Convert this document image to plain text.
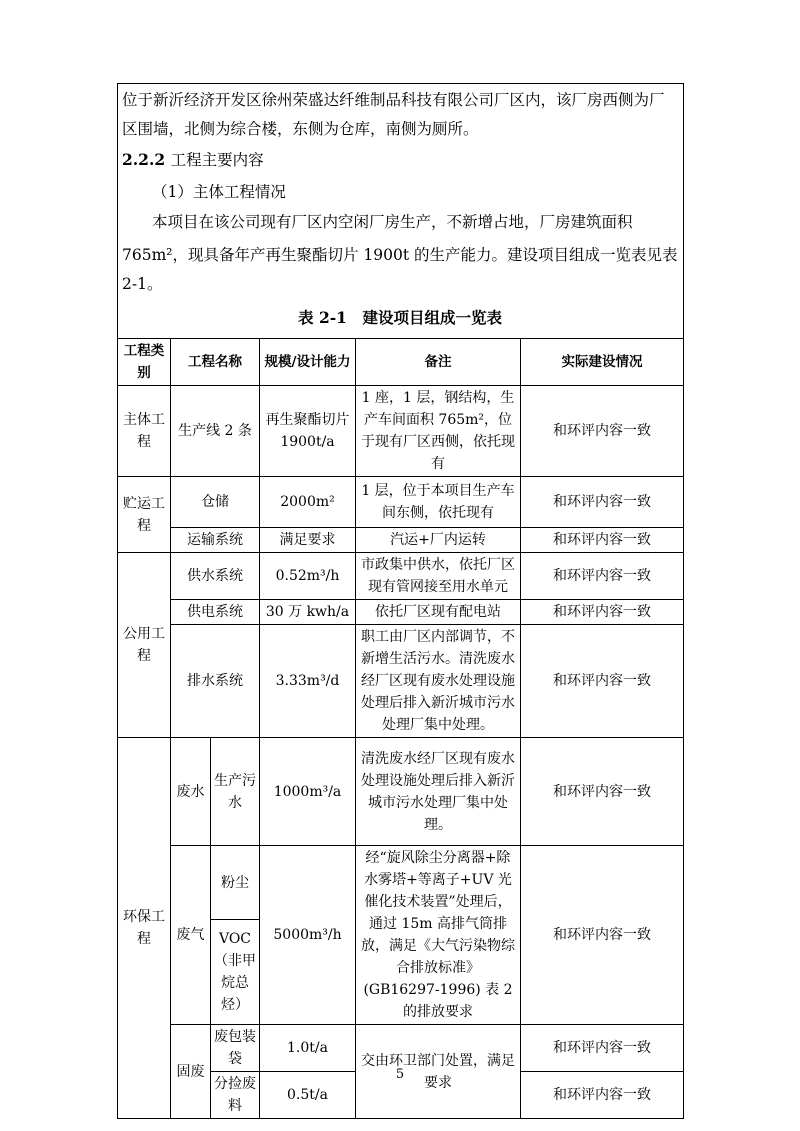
位于新沂经济开发区徐州荣盛达纤维制品科技有限公司厂区内，该厂房西侧为厂

区围墙，北侧为综合楼，东侧为仓库，南侧为厕所。

2.2.2 工程主要内容

（1）主体工程情况

本项目在该公司现有厂区内空闲厂房生产，不新增占地，厂房建筑面积

765m²，现具备年产再生聚酯切片 1900t 的生产能力。建设项目组成一览表见表

2-1。

表 2-1　建设项目组成一览表

工程类别	工程名称		规模/设计能力	备注	实际建设情况
主体工程	生产线 2 条		再生聚酯切片 1900t/a	1 座，1 层，钢结构，生产车间面积 765m²，位于现有厂区西侧，依托现有	和环评内容一致
贮运工程	仓储		2000m²	1 层，位于本项目生产车间东侧，依托现有	和环评内容一致
	运输系统		满足要求	汽运+厂内运转	和环评内容一致
公用工程	供水系统		0.52m³/h	市政集中供水，依托厂区现有管网接至用水单元	和环评内容一致
	供电系统		30 万 kwh/a	依托厂区现有配电站	和环评内容一致
	排水系统		3.33m³/d	职工由厂区内部调节，不新增生活污水。清洗废水经厂区现有废水处理设施处理后排入新沂城市污水处理厂集中处理。	和环评内容一致
环保工程	废水	生产污水	1000m³/a	清洗废水经厂区现有废水处理设施处理后排入新沂城市污水处理厂集中处理。	和环评内容一致
	废气	粉尘	5000m³/h	经“旋风除尘分离器+除水雾塔+等离子+UV 光催化技术装置”处理后，通过 15m 高排气筒排放，满足《大气污染物综合排放标准》(GB16297-1996) 表 2 的排放要求	和环评内容一致
		VOC（非甲烷总烃）			
	固废	废包装袋	1.0t/a	交由环卫部门处置，满足要求	和环评内容一致
		分捡废料	0.5t/a		和环评内容一致
5
